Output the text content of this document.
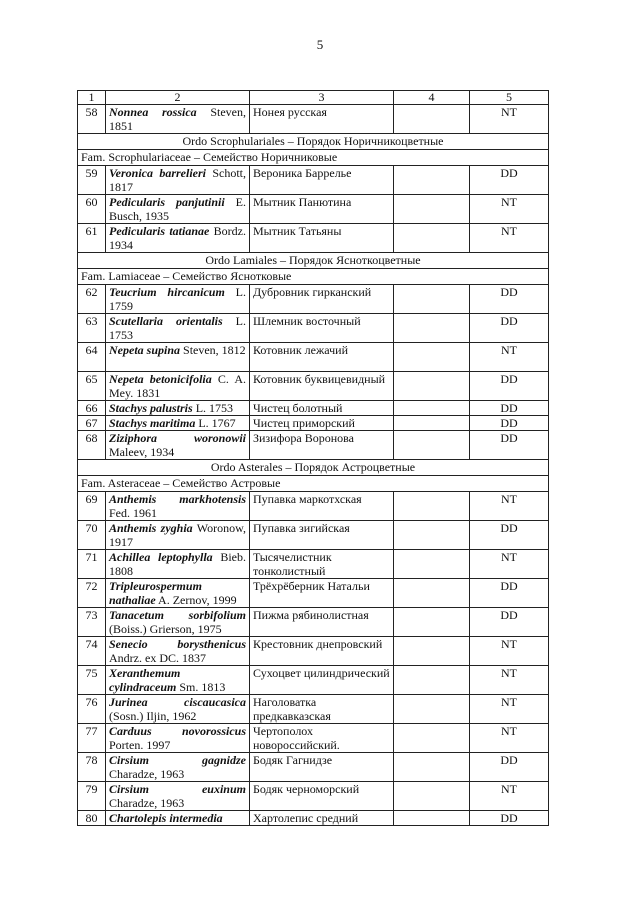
5
1	2	3	4	5
58	Nonnea rossica Steven, 1851	Нонея русская		NT
Ordo Scrophulariales – Порядок Норичникоцветные				
Fam. Scrophulariaceae – Семейство Норичниковые				
59	Veronica barrelieri Schott, 1817	Вероника Баррелье		DD
60	Pedicularis panjutinii E. Busch, 1935	Мытник Панютина		NT
61	Pedicularis tatianae Bordz. 1934	Мытник Татьяны		NT
Ordo Lamiales – Порядок Ясноткоцветные				
Fam. Lamiaceae – Семейство Яснотковые				
62	Teucrium hircanicum L. 1759	Дубровник гирканский		DD
63	Scutellaria orientalis L. 1753	Шлемник восточный		DD
64	Nepeta supina Steven, 1812	Котовник лежачий		NT
65	Nepeta betonicifolia C. A. Mey. 1831	Котовник буквицевидный		DD
66	Stachys palustris L. 1753	Чистец болотный		DD
67	Stachys maritima L. 1767	Чистец приморский		DD
68	Ziziphora woronowii Maleev, 1934	Зизифора Воронова		DD
Ordo Asterales – Порядок Астроцветные				
Fam. Asteraceae – Семейство Астровые				
69	Anthemis markhotensis Fed. 1961	Пупавка маркотхская		NT
70	Anthemis zyghia Woronow, 1917	Пупавка зигийская		DD
71	Achillea leptophylla Bieb. 1808	Тысячелистник тонколистный		NT
72	Tripleurospermum nathaliae A. Zernov, 1999	Трёхрёберник Натальи		DD
73	Tanacetum sorbifolium (Boiss.) Grierson, 1975	Пижма рябинолистная		DD
74	Senecio borysthenicus Andrz. ex DC. 1837	Крестовник днепровский		NT
75	Xeranthemum cylindraceum Sm. 1813	Сухоцвет цилиндрический		NT
76	Jurinea ciscaucasica (Sosn.) Iljin, 1962	Наголоватка предкавказская		NT
77	Carduus novorossicus Porten. 1997	Чертополох новороссийский.		NT
78	Cirsium gagnidze Charadze, 1963	Бодяк Гагнидзе		DD
79	Cirsium euxinum Charadze, 1963	Бодяк черноморский		NT
80	Chartolepis intermedia	Хартолепис средний		DD
